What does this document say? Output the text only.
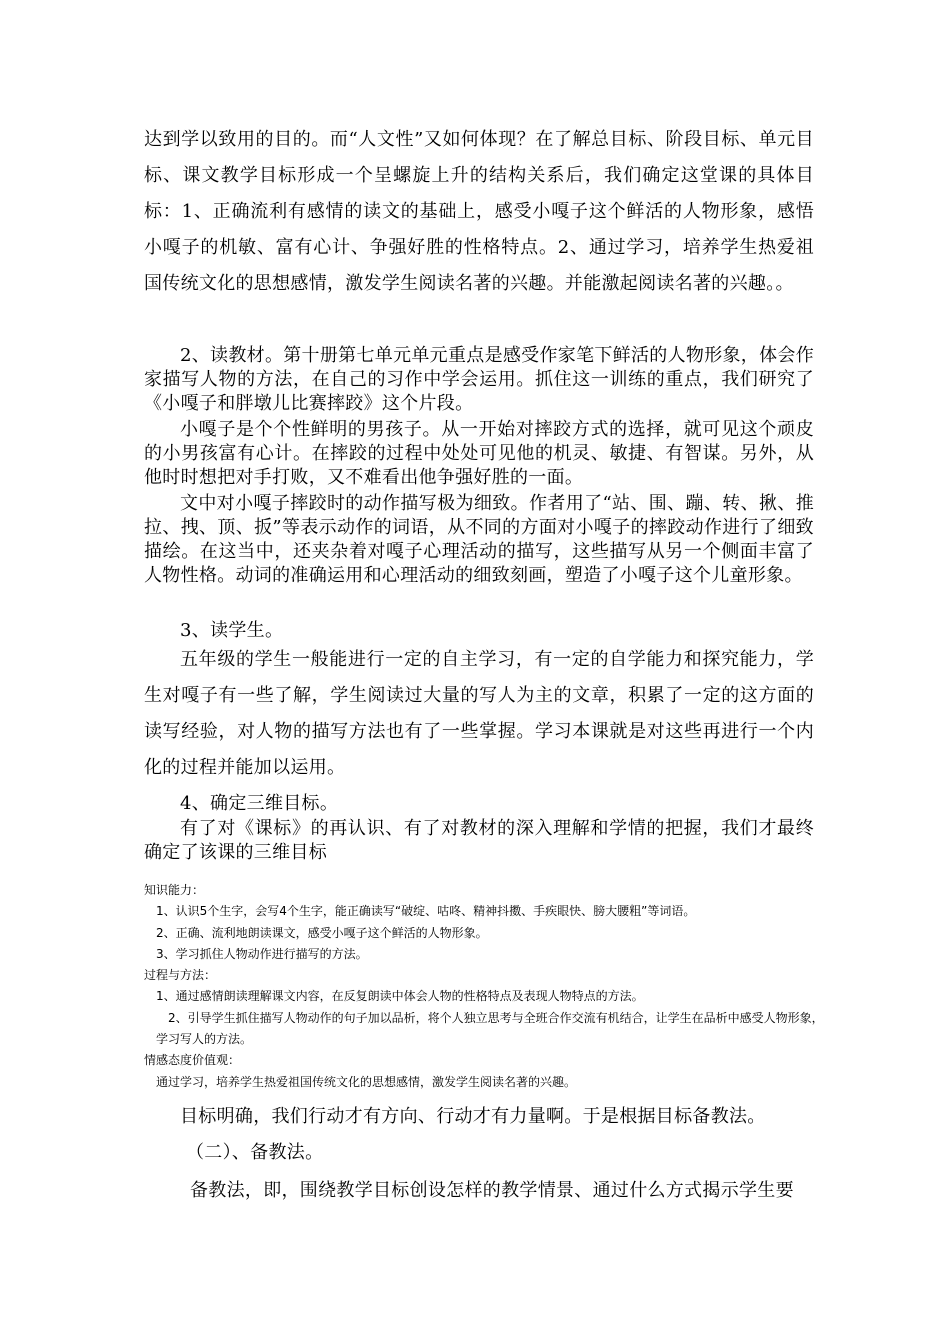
达到学以致用的目的。而“人文性”又如何体现？在了解总目标、阶段目标、单元目标、课文教学目标形成一个呈螺旋上升的结构关系后，我们确定这堂课的具体目标：1、正确流利有感情的读文的基础上，感受小嘎子这个鲜活的人物形象，感悟小嘎子的机敏、富有心计、争强好胜的性格特点。2、通过学习，培养学生热爱祖国传统文化的思想感情，激发学生阅读名著的兴趣。并能激起阅读名著的兴趣。。

2、读教材。第十册第七单元单元重点是感受作家笔下鲜活的人物形象，体会作家描写人物的方法，在自己的习作中学会运用。抓住这一训练的重点，我们研究了《小嘎子和胖墩儿比赛摔跤》这个片段。

小嘎子是个个性鲜明的男孩子。从一开始对摔跤方式的选择，就可见这个顽皮的小男孩富有心计。在摔跤的过程中处处可见他的机灵、敏捷、有智谋。另外，从他时时想把对手打败，又不难看出他争强好胜的一面。

文中对小嘎子摔跤时的动作描写极为细致。作者用了“站、围、蹦、转、揪、推拉、拽、顶、扳”等表示动作的词语，从不同的方面对小嘎子的摔跤动作进行了细致描绘。在这当中，还夹杂着对嘎子心理活动的描写，这些描写从另一个侧面丰富了人物性格。动词的准确运用和心理活动的细致刻画，塑造了小嘎子这个儿童形象。

3、读学生。

五年级的学生一般能进行一定的自主学习，有一定的自学能力和探究能力，学生对嘎子有一些了解，学生阅读过大量的写人为主的文章，积累了一定的这方面的读写经验，对人物的描写方法也有了一些掌握。学习本课就是对这些再进行一个内化的过程并能加以运用。

4、确定三维目标。

有了对《课标》的再认识、有了对教材的深入理解和学情的把握，我们才最终确定了该课的三维目标

知识能力：

1、认识5个生字，会写4个生字，能正确读写“破绽、咕咚、精神抖擞、手疾眼快、膀大腰粗”等词语。

2、正确、流利地朗读课文，感受小嘎子这个鲜活的人物形象。

3、学习抓住人物动作进行描写的方法。

过程与方法：

1、通过感情朗读理解课文内容，在反复朗读中体会人物的性格特点及表现人物特点的方法。

2、引导学生抓住描写人物动作的句子加以品析，将个人独立思考与全班合作交流有机结合，让学生在品析中感受人物形象，学习写人的方法。

情感态度价值观：

通过学习，培养学生热爱祖国传统文化的思想感情，激发学生阅读名著的兴趣。

目标明确，我们行动才有方向、行动才有力量啊。于是根据目标备教法。

（二）、备教法。

备教法，即，围绕教学目标创设怎样的教学情景、通过什么方式揭示学生要
